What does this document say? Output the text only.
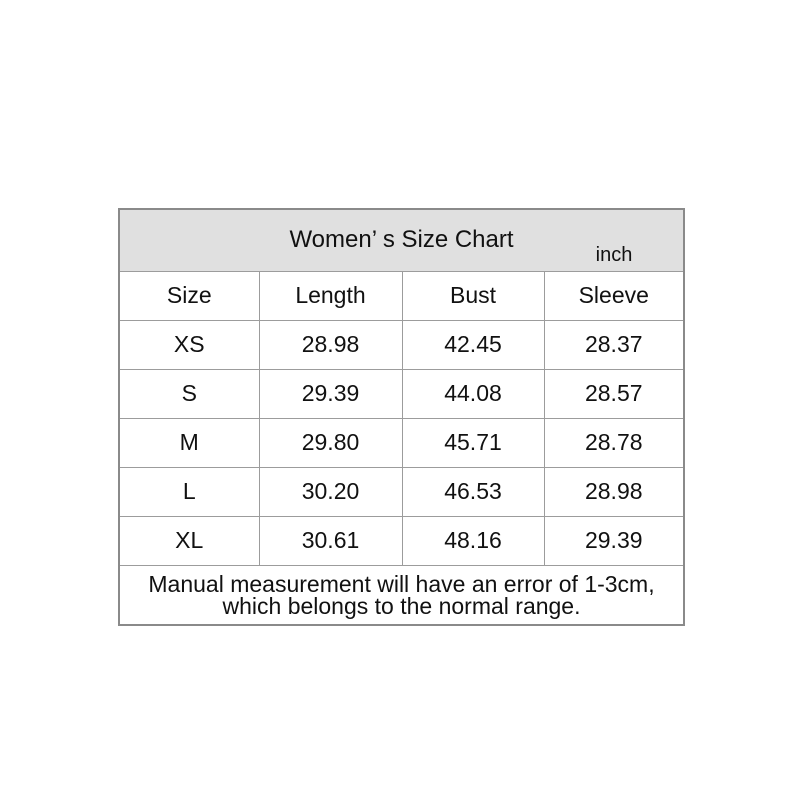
Women’ s Size Chart
inch			

Size	Length	Bust	Sleeve
XS	28.98	42.45	28.37
S	29.39	44.08	28.57
M	29.80	45.71	28.78
L	30.20	46.53	28.98
XL	30.61	48.16	29.39

Manual measurement will have an error of 1-3cm,
which belongs to the normal range.			
